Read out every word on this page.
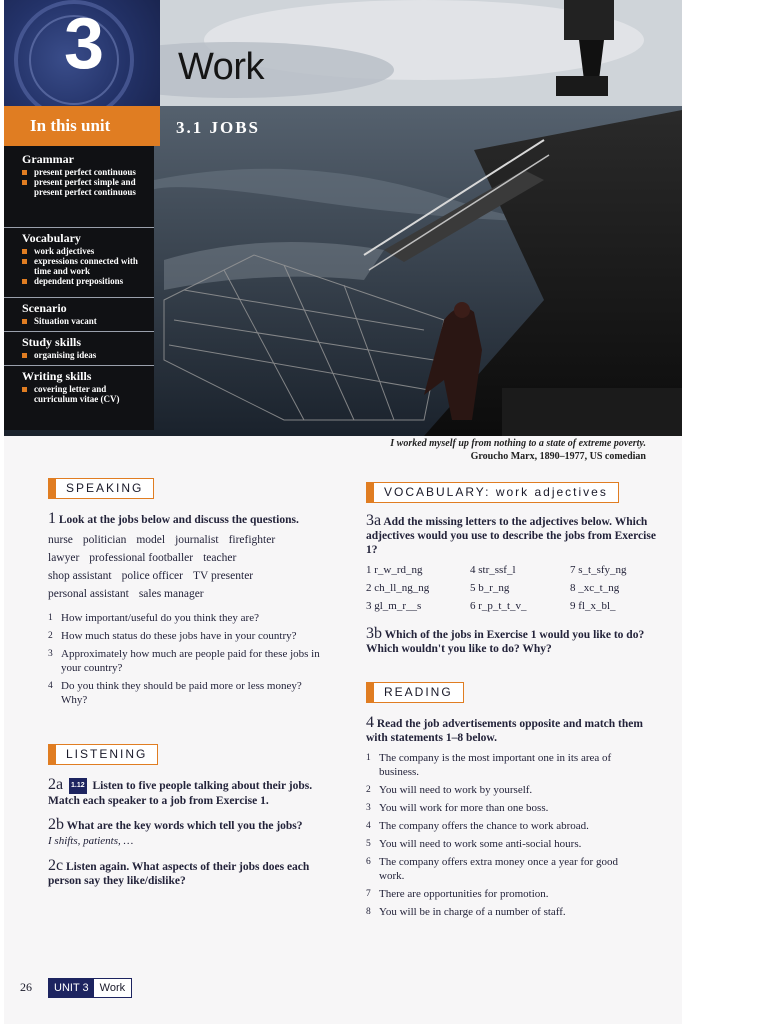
3
In this unit
Grammar
present perfect continuous
present perfect simple and present perfect continuous
Vocabulary
work adjectives
expressions connected with time and work
dependent prepositions
Scenario
Situation vacant
Study skills
organising ideas
Writing skills
covering letter and curriculum vitae (CV)
Work
3.1 JOBS
I worked myself up from nothing to a state of extreme poverty.
Groucho Marx, 1890–1977, US comedian
SPEAKING
1 Look at the jobs below and discuss the questions.
nurse politician model journalist firefighter
lawyer professional footballer teacher
shop assistant police officer TV presenter
personal assistant sales manager
1 How important/useful do you think they are?
2 How much status do these jobs have in your country?
3 Approximately how much are people paid for these jobs in your country?
4 Do you think they should be paid more or less money? Why?
LISTENING
2a 1.12 Listen to five people talking about their jobs. Match each speaker to a job from Exercise 1.
2b What are the key words which tell you the jobs?
I shifts, patients, …
2c Listen again. What aspects of their jobs does each person say they like/dislike?
VOCABULARY: work adjectives
3a Add the missing letters to the adjectives below. Which adjectives would you use to describe the jobs from Exercise 1?
1 r_w_rd_ng	4 str_ssf_l	7 s_t_sfy_ng
2 ch_ll_ng_ng	5 b_r_ng	8 _xc_t_ng
3 gl_m_r__s	6 r_p_t_t_v_	9 fl_x_bl_
3b Which of the jobs in Exercise 1 would you like to do? Which wouldn't you like to do? Why?
READING
4 Read the job advertisements opposite and match them with statements 1–8 below.
1 The company is the most important one in its area of business.
2 You will need to work by yourself.
3 You will work for more than one boss.
4 The company offers the chance to work abroad.
5 You will need to work some anti-social hours.
6 The company offers extra money once a year for good work.
7 There are opportunities for promotion.
8 You will be in charge of a number of staff.
26	UNIT 3	Work
